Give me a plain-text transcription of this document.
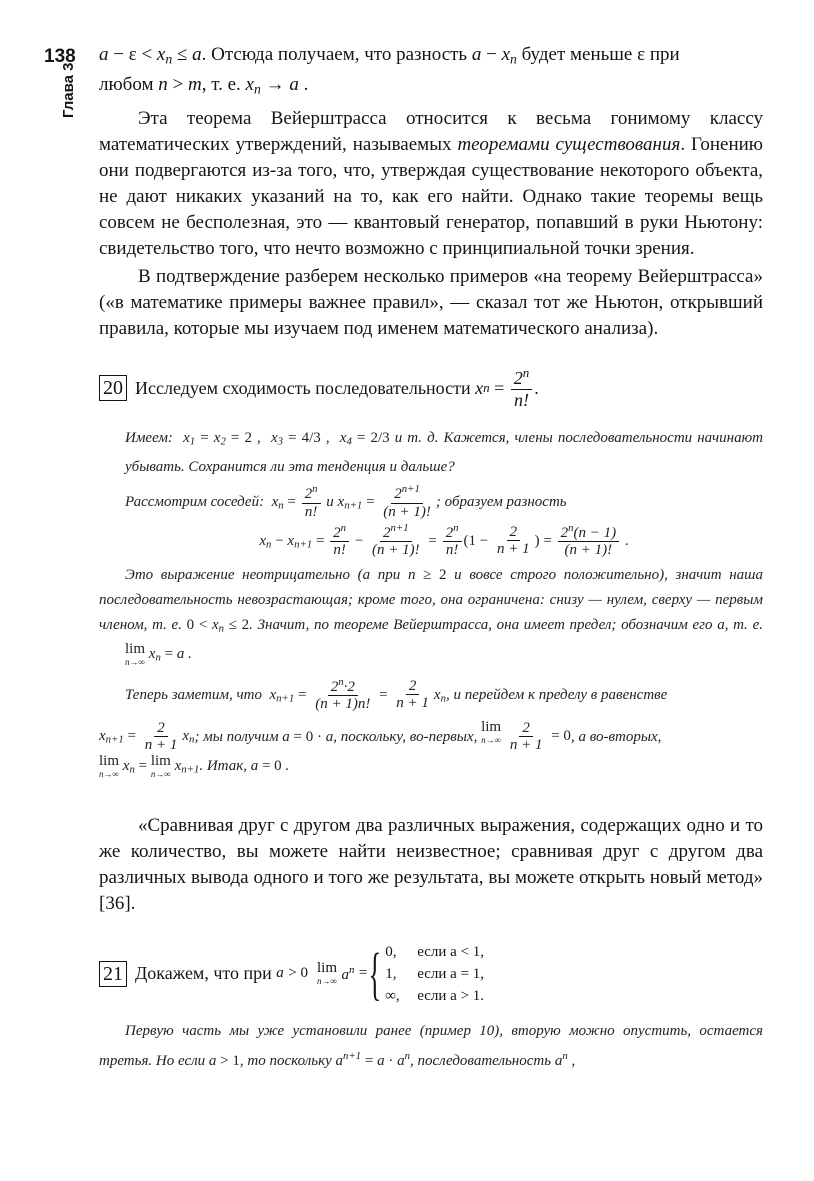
138
Глава 3

$a - \varepsilon < x_n \le a$. Отсюда получаем, что разность $a - x_n$ будет меньше ε при
любом n > m, т. е. $x_n \to a$ .

Эта теорема Вейерштрасса относится к весьма гонимому классу математических утверждений, называемых теоремами существования. Гонению они подвергаются из-за того, что, утверждая существование некоторого объекта, не дают никаких указаний на то, как его найти. Однако такие теоремы вещь совсем не бесполезная, это — квантовый генератор, попавший в руки Ньютону: свидетельство того, что нечто возможно с принципиальной точки зрения.

В подтверждение разберем несколько примеров «на теорему Вейерштрасса» («в математике примеры важнее правил», — сказал тот же Ньютон, открывший правила, которые мы изучаем под именем математического анализа).

20 Исследуем сходимость последовательности
x $n = \frac{2^n}{n!}$ .
Имеем: $x_1 = x_2 = 2$ ,  $x_3 = 4/3$ ,  $x_4 = 2/3$ и т. д. Кажется, члены последовательности начинают убывать. Сохранится ли эта тенденция и дальше?
Рассмотрим соседей: $x_n = \frac{2^n}{n!}$ и $x_{n+1} = \frac{2^{n+1}}{(n + 1)!}$ ; образуем разность
$x_n - x_{n+1} = \frac{2^n}{n!} - \frac{2^{n+1}}{(n + 1)!} = \frac{2^n}{n!} (1 - \frac{2}{n + 1}$ ) = $\frac{2^n(n - 1)}{(n + 1)!}$ .
Это выражение неотрицательно (а при n ≥ 2 и вовсе строго положительно), значит наша последовательность невозрастающая; кроме того, она ограничена: снизу — нулем, сверху — первым членом, т. е. $0 < x_n \le 2$. Значит, по теореме Вейерштрасса, она имеет предел; обозначим его a, т. е. lim
n→∞ $x_n = a$ .
Теперь заметим, что $x_{n+1} = \frac{2^n\cdot 2}{(n + 1)n!} = \frac{2}{n + 1} x_n$, и перейдем к пределу в равенстве
$x_{n+1} = \frac{2}{n + 1} x_n$; мы получим a = 0 · a, поскольку, во-первых, lim
n→∞
$\frac{2}{n + 1} = 0$, а во-вторых,
lim
n→∞ $x_n = \lim$
n→∞ $x_{n+1}$. Итак, a = 0 .

«Сравнивая друг с другом два различных выражения, содержащих одно и то же количество, вы можете найти неизвестное; сравнивая друг с другом два различных вывода одного и того же результата, вы можете открыть новый метод» [36].

21 Докажем, что при
a
> 0
lim
n→∞
$a^n$
= { 0, если a < 1,
1, если a = 1,
∞, если a > 1.
Первую часть мы уже установили ранее (пример 10), вторую можно опустить, остается третья. Но если a > 1, то поскольку $a^{n+1} = a \cdot a^n$, последовательность $a^n$ ,
